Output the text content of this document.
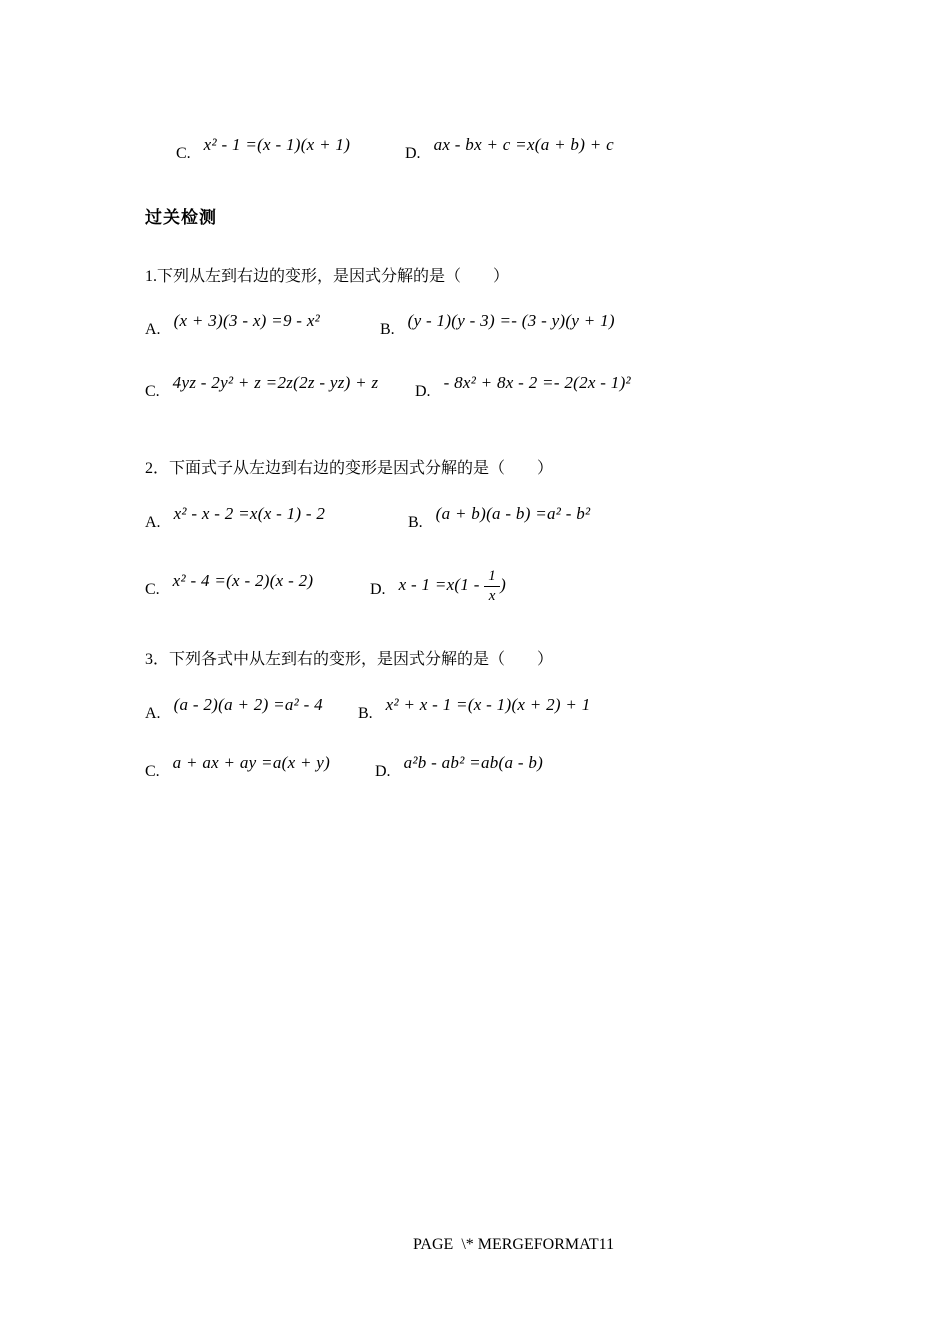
C. x² - 1 =(x - 1)(x + 1)	D. ax - bx + c =x(a + b) + c
过关检测
1.下列从左到右边的变形，是因式分解的是（　　）
A. (x + 3)(3 - x) =9 - x²	B. (y - 1)(y - 3) =- (3 - y)(y + 1)
C. 4yz - 2y² + z =2z(2z - yz) + z D. - 8x² + 8x - 2 =- 2(2x - 1)²
2．下面式子从左边到右边的变形是因式分解的是（　　）
A. x² - x - 2 =x(x - 1) - 2	B. (a + b)(a - b) =a² - b²
C. x² - 4 =(x - 2)(x - 2)	D. $x - 1 =x(1 - \frac{1}{x}$ )
3．下列各式中从左到右的变形，是因式分解的是（　　）
A. (a - 2)(a + 2) =a² - 4 B. x² + x - 1 =(x - 1)(x + 2) + 1
C. a + ax + ay =a(x + y)	D. a²b - ab² =ab(a - b)
PAGE  \* MERGEFORMAT11
